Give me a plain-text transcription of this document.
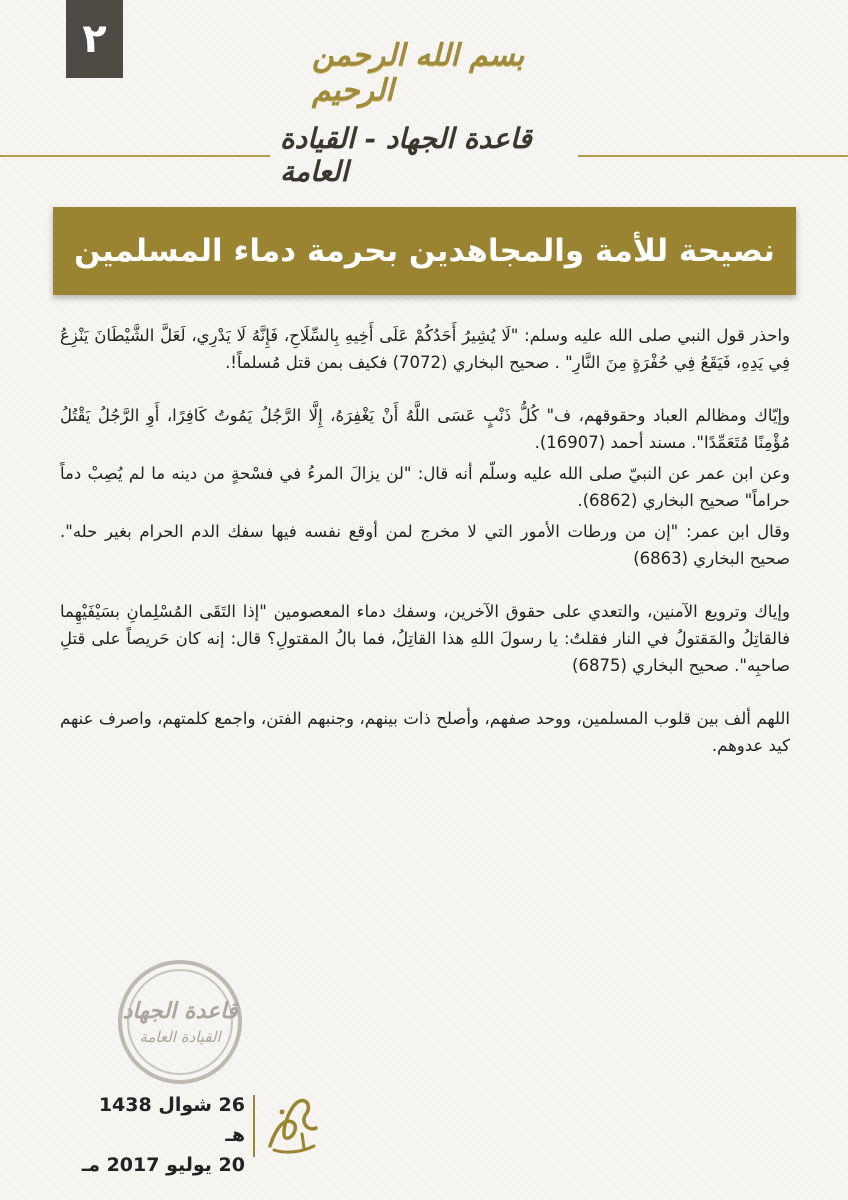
٢	بسم الله الرحمن الرحيم
قاعدة الجهاد - القيادة العامة
نصيحة للأمة والمجاهدين بحرمة دماء المسلمين

واحذر قول النبي صلى الله عليه وسلم: "لَا يُشِيرُ أَحَدُكُمْ عَلَى أَخِيهِ بِالسِّلَاحِ، فَإِنَّهُ لَا يَدْرِي، لَعَلَّ الشَّيْطَانَ يَنْزِعُ فِي يَدِهِ، فَيَقَعُ فِي حُفْرَةٍ مِنَ النَّارِ" . صحيح البخاري (7072) فكيف بمن قتل مُسلماً!.

وإيّاك ومظالم العباد وحقوقهم، ف" كُلُّ ذَنْبٍ عَسَى اللَّهُ أَنْ يَغْفِرَهُ، إِلَّا الرَّجُلُ يَمُوتُ كَافِرًا، أَوِ الرَّجُلُ يَقْتُلُ مُؤْمِنًا مُتَعَمِّدًا". مسند أحمد (16907).

وعن ابن عمر عن النبيّ صلى الله عليه وسلّم أنه قال: "لن يزالَ المرءُ في فسْحةٍ من دينه ما لم يُصِبْ دماً حراماً" صحيح البخاري (6862).

وقال ابن عمر: "إن من ورطات الأمور التي لا مخرج لمن أوقع نفسه فيها سفك الدم الحرام بغير حله". صحيح البخاري (6863)

وإياك وترويع الآمنين، والتعدي على حقوق الآخرين، وسفك دماء المعصومين "إذا التَقَى المُسْلِمانِ بسَيْفَيْهِما فالقاتِلُ والمَقتولُ في النار فقلتُ: يا رسولَ اللهِ هذا القاتِلُ، فما بالُ المقتولِ؟ قال: إنه كان حَريصاً على قتلِ صاحبِه". صحيح البخاري (6875)

اللهم ألف بين قلوب المسلمين، ووحد صفهم، وأصلح ذات بينهم، وجنبهم الفتن، واجمع كلمتهم، واصرف عنهم كيد عدوهم.

قاعدة الجهاد
القيادة العامة
26 شوال 1438 هـ
20 يوليو 2017 مـ
